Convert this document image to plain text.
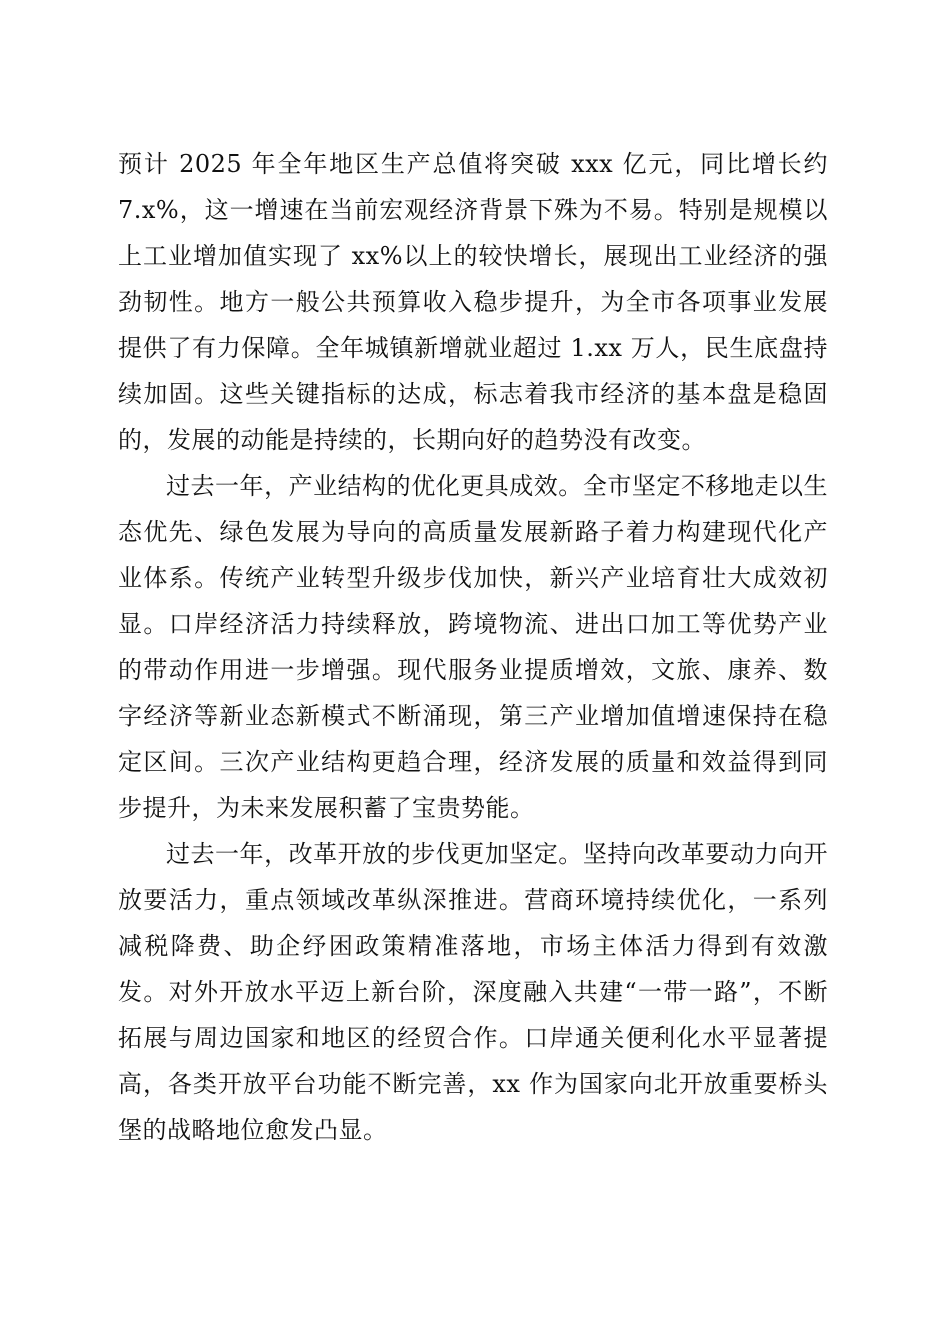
预计 2025 年全年地区生产总值将突破 xxx 亿元，同比增长约 7.x%，这一增速在当前宏观经济背景下殊为不易。特别是规模以上工业增加值实现了 xx%以上的较快增长，展现出工业经济的强劲韧性。地方一般公共预算收入稳步提升，为全市各项事业发展提供了有力保障。全年城镇新增就业超过 1.xx 万人，民生底盘持续加固。这些关键指标的达成，标志着我市经济的基本盘是稳固的，发展的动能是持续的，长期向好的趋势没有改变。

过去一年，产业结构的优化更具成效。全市坚定不移地走以生态优先、绿色发展为导向的高质量发展新路子着力构建现代化产业体系。传统产业转型升级步伐加快，新兴产业培育壮大成效初显。口岸经济活力持续释放，跨境物流、进出口加工等优势产业的带动作用进一步增强。现代服务业提质增效，文旅、康养、数字经济等新业态新模式不断涌现，第三产业增加值增速保持在稳定区间。三次产业结构更趋合理，经济发展的质量和效益得到同步提升，为未来发展积蓄了宝贵势能。

过去一年，改革开放的步伐更加坚定。坚持向改革要动力向开放要活力，重点领域改革纵深推进。营商环境持续优化，一系列减税降费、助企纾困政策精准落地，市场主体活力得到有效激发。对外开放水平迈上新台阶，深度融入共建“一带一路”，不断拓展与周边国家和地区的经贸合作。口岸通关便利化水平显著提高，各类开放平台功能不断完善，xx 作为国家向北开放重要桥头堡的战略地位愈发凸显。
